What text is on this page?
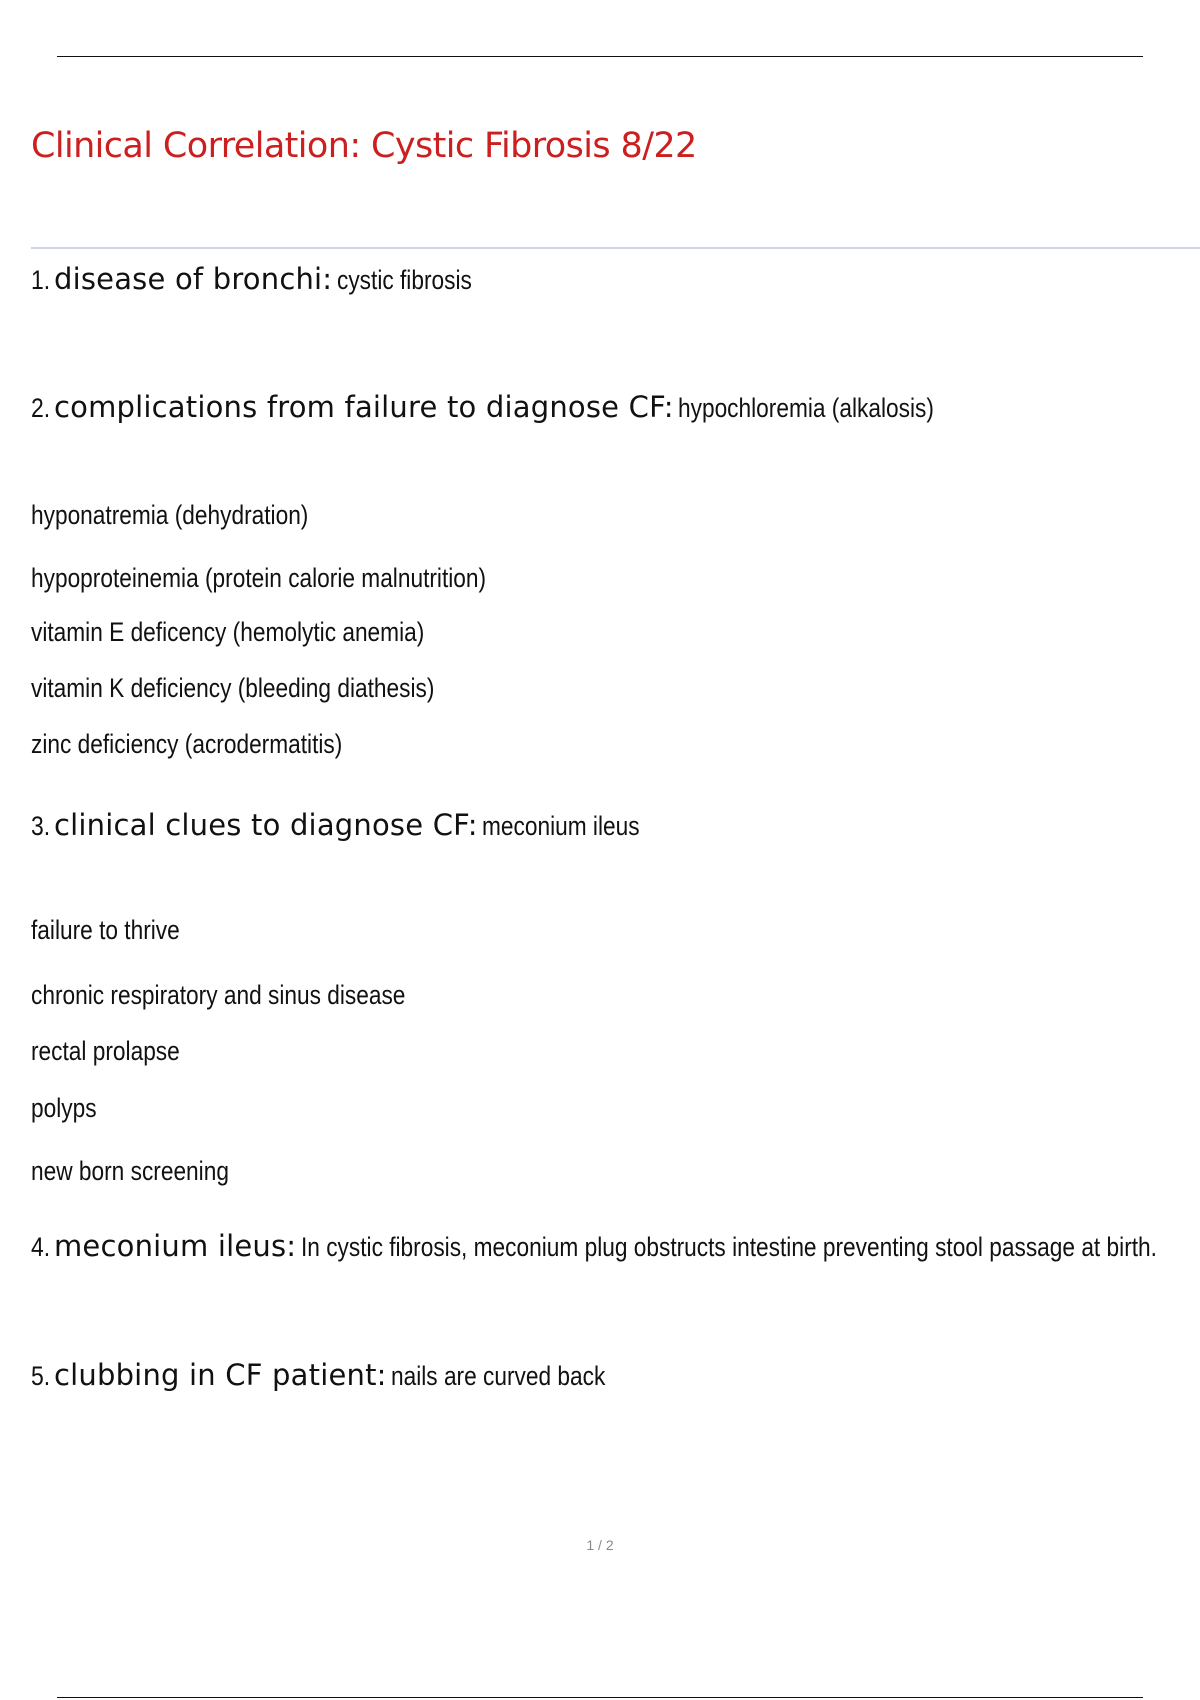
Clinical Correlation: Cystic Fibrosis 8/22
1. disease of bronchi: cystic fibrosis
2. complications from failure to diagnose CF: hypochloremia (alkalosis)
hyponatremia (dehydration)
hypoproteinemia (protein calorie malnutrition)
vitamin E deficency (hemolytic anemia)
vitamin K deficiency (bleeding diathesis)
zinc deficiency (acrodermatitis)
3. clinical clues to diagnose CF: meconium ileus
failure to thrive
chronic respiratory and sinus disease
rectal prolapse
polyps
new born screening
4. meconium ileus: In cystic fibrosis, meconium plug obstructs intestine preventing stool passage at birth.
5. clubbing in CF patient: nails are curved back
1 / 2
